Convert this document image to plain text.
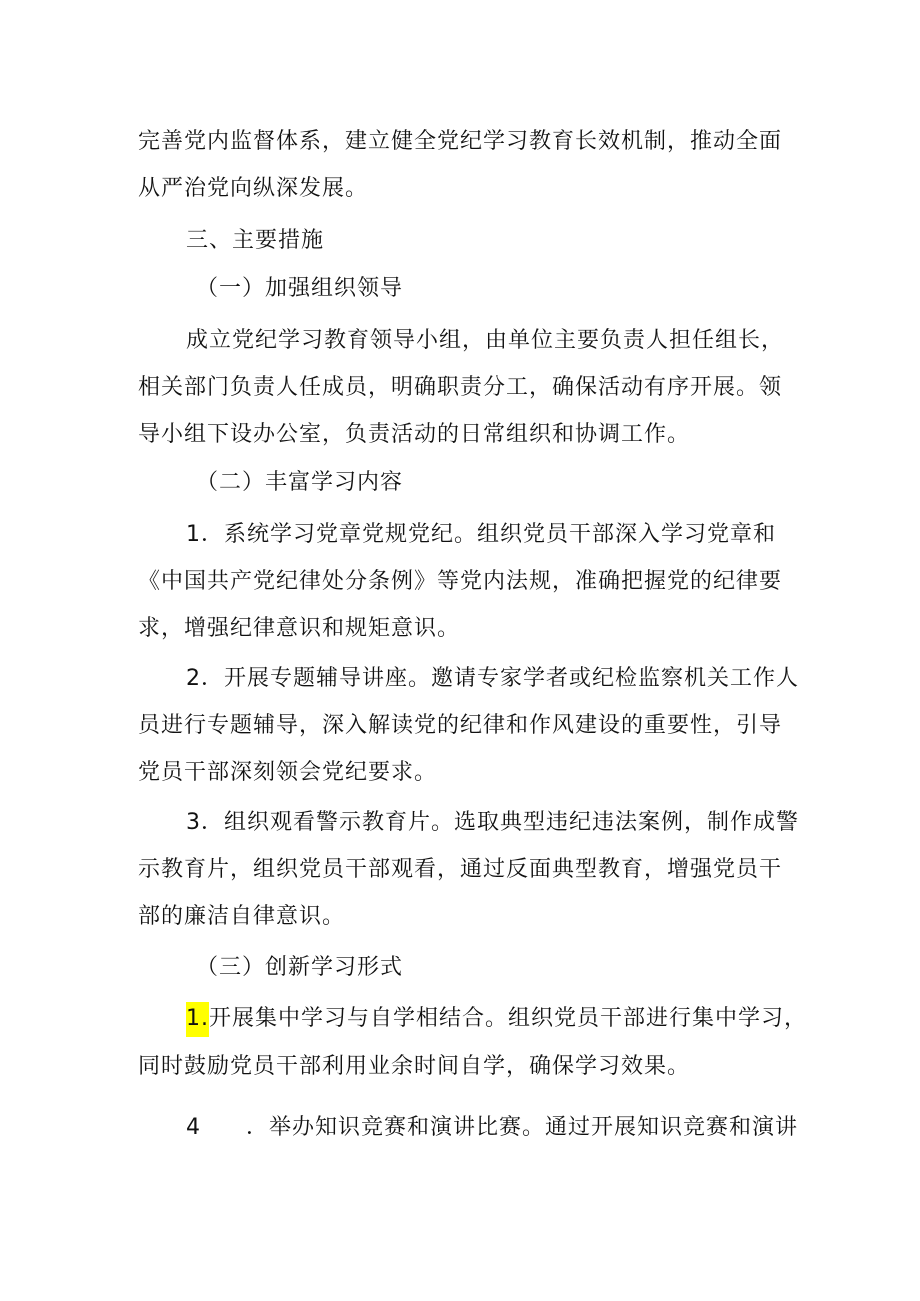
完善党内监督体系，建立健全党纪学习教育长效机制，推动全面
从严治党向纵深发展。
三、主要措施
（一）加强组织领导
成立党纪学习教育领导小组，由单位主要负责人担任组长，
相关部门负责人任成员，明确职责分工，确保活动有序开展。领
导小组下设办公室，负责活动的日常组织和协调工作。
（二）丰富学习内容
1．系统学习党章党规党纪。组织党员干部深入学习党章和
《中国共产党纪律处分条例》等党内法规，准确把握党的纪律要
求，增强纪律意识和规矩意识。
2．开展专题辅导讲座。邀请专家学者或纪检监察机关工作人
员进行专题辅导，深入解读党的纪律和作风建设的重要性，引导
党员干部深刻领会党纪要求。
3．组织观看警示教育片。选取典型违纪违法案例，制作成警
示教育片，组织党员干部观看，通过反面典型教育，增强党员干
部的廉洁自律意识。
（三）创新学习形式
1.开展集中学习与自学相结合。组织党员干部进行集中学习，
同时鼓励党员干部利用业余时间自学，确保学习效果。
4 ．举办知识竞赛和演讲比赛。通过开展知识竞赛和演讲
